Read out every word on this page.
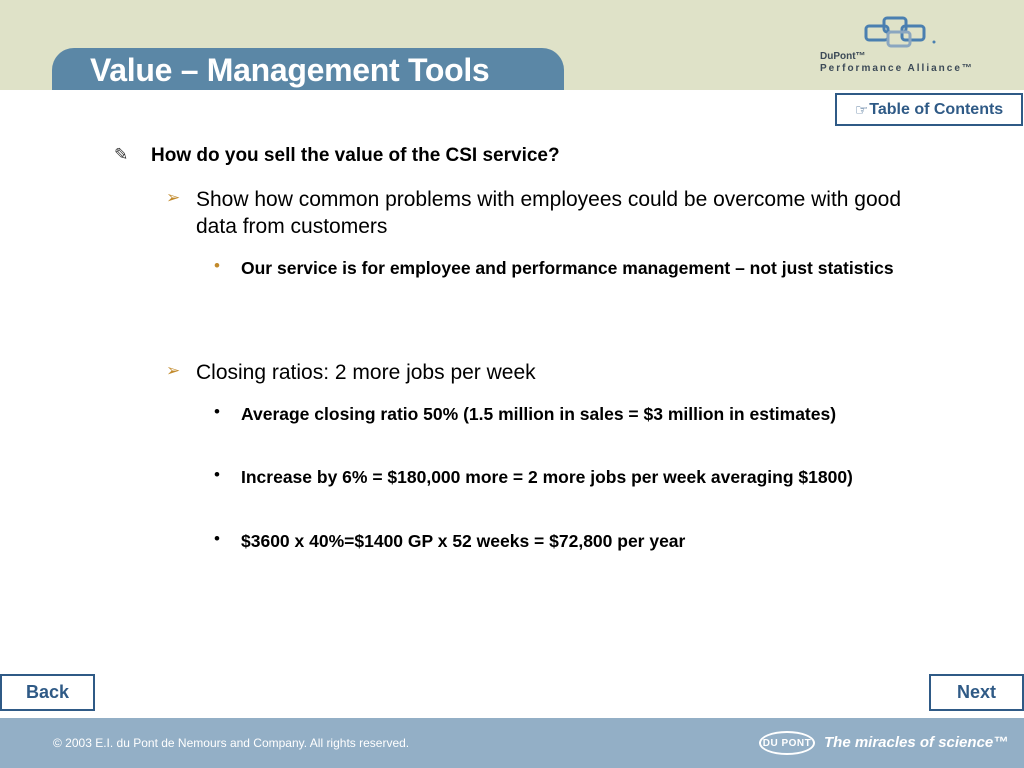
Value – Management Tools	DuPont™
Performance Alliance™
☞ Table of Contents
✎ How do you sell the value of the CSI service?
➢ Show how common problems with employees could be overcome with good data from customers
• Our service is for employee and performance management – not just statistics
➢ Closing ratios: 2 more jobs per week
• Average closing ratio 50% (1.5 million in sales = $3 million in estimates)
• Increase by 6% = $180,000 more = 2 more jobs per week averaging $1800)
• $3600 x 40%=$1400 GP x 52 weeks = $72,800 per year
Back	Next
© 2003 E.I. du Pont de Nemours and Company. All rights reserved.	DU PONT The miracles of science™
